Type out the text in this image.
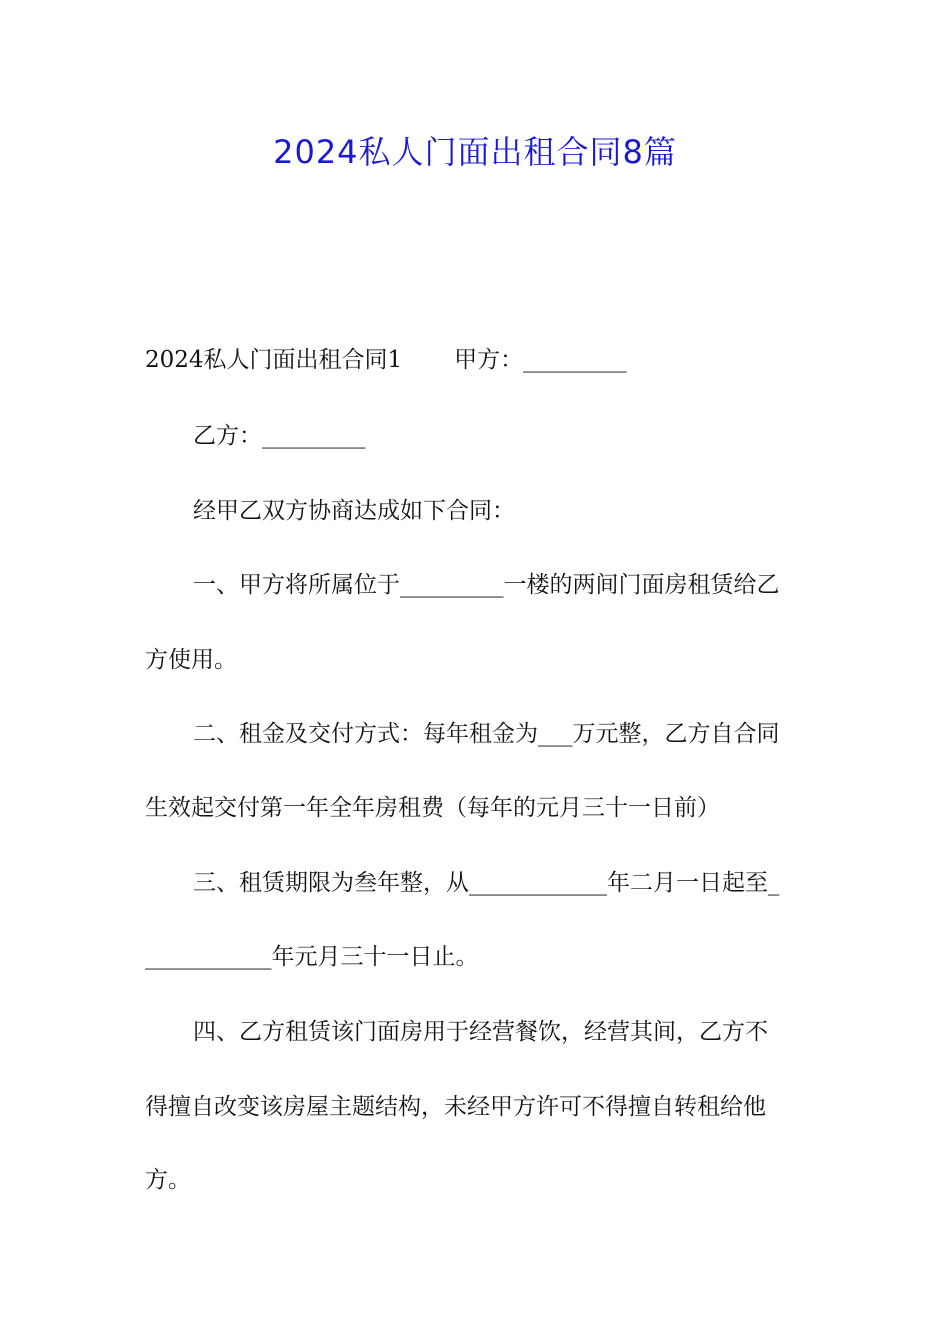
2024私人门面出租合同8篇
2024私人门面出租合同1 甲方：_________
乙方：_________
经甲乙双方协商达成如下合同：
一、甲方将所属位于_________一楼的两间门面房租赁给乙
方使用。
二、租金及交付方式：每年租金为___万元整，乙方自合同
生效起交付第一年全年房租费（每年的元月三十一日前）
三、租赁期限为叁年整，从____________年二月一日起至_
___________年元月三十一日止。
四、乙方租赁该门面房用于经营餐饮，经营其间，乙方不
得擅自改变该房屋主题结构，未经甲方许可不得擅自转租给他
方。
